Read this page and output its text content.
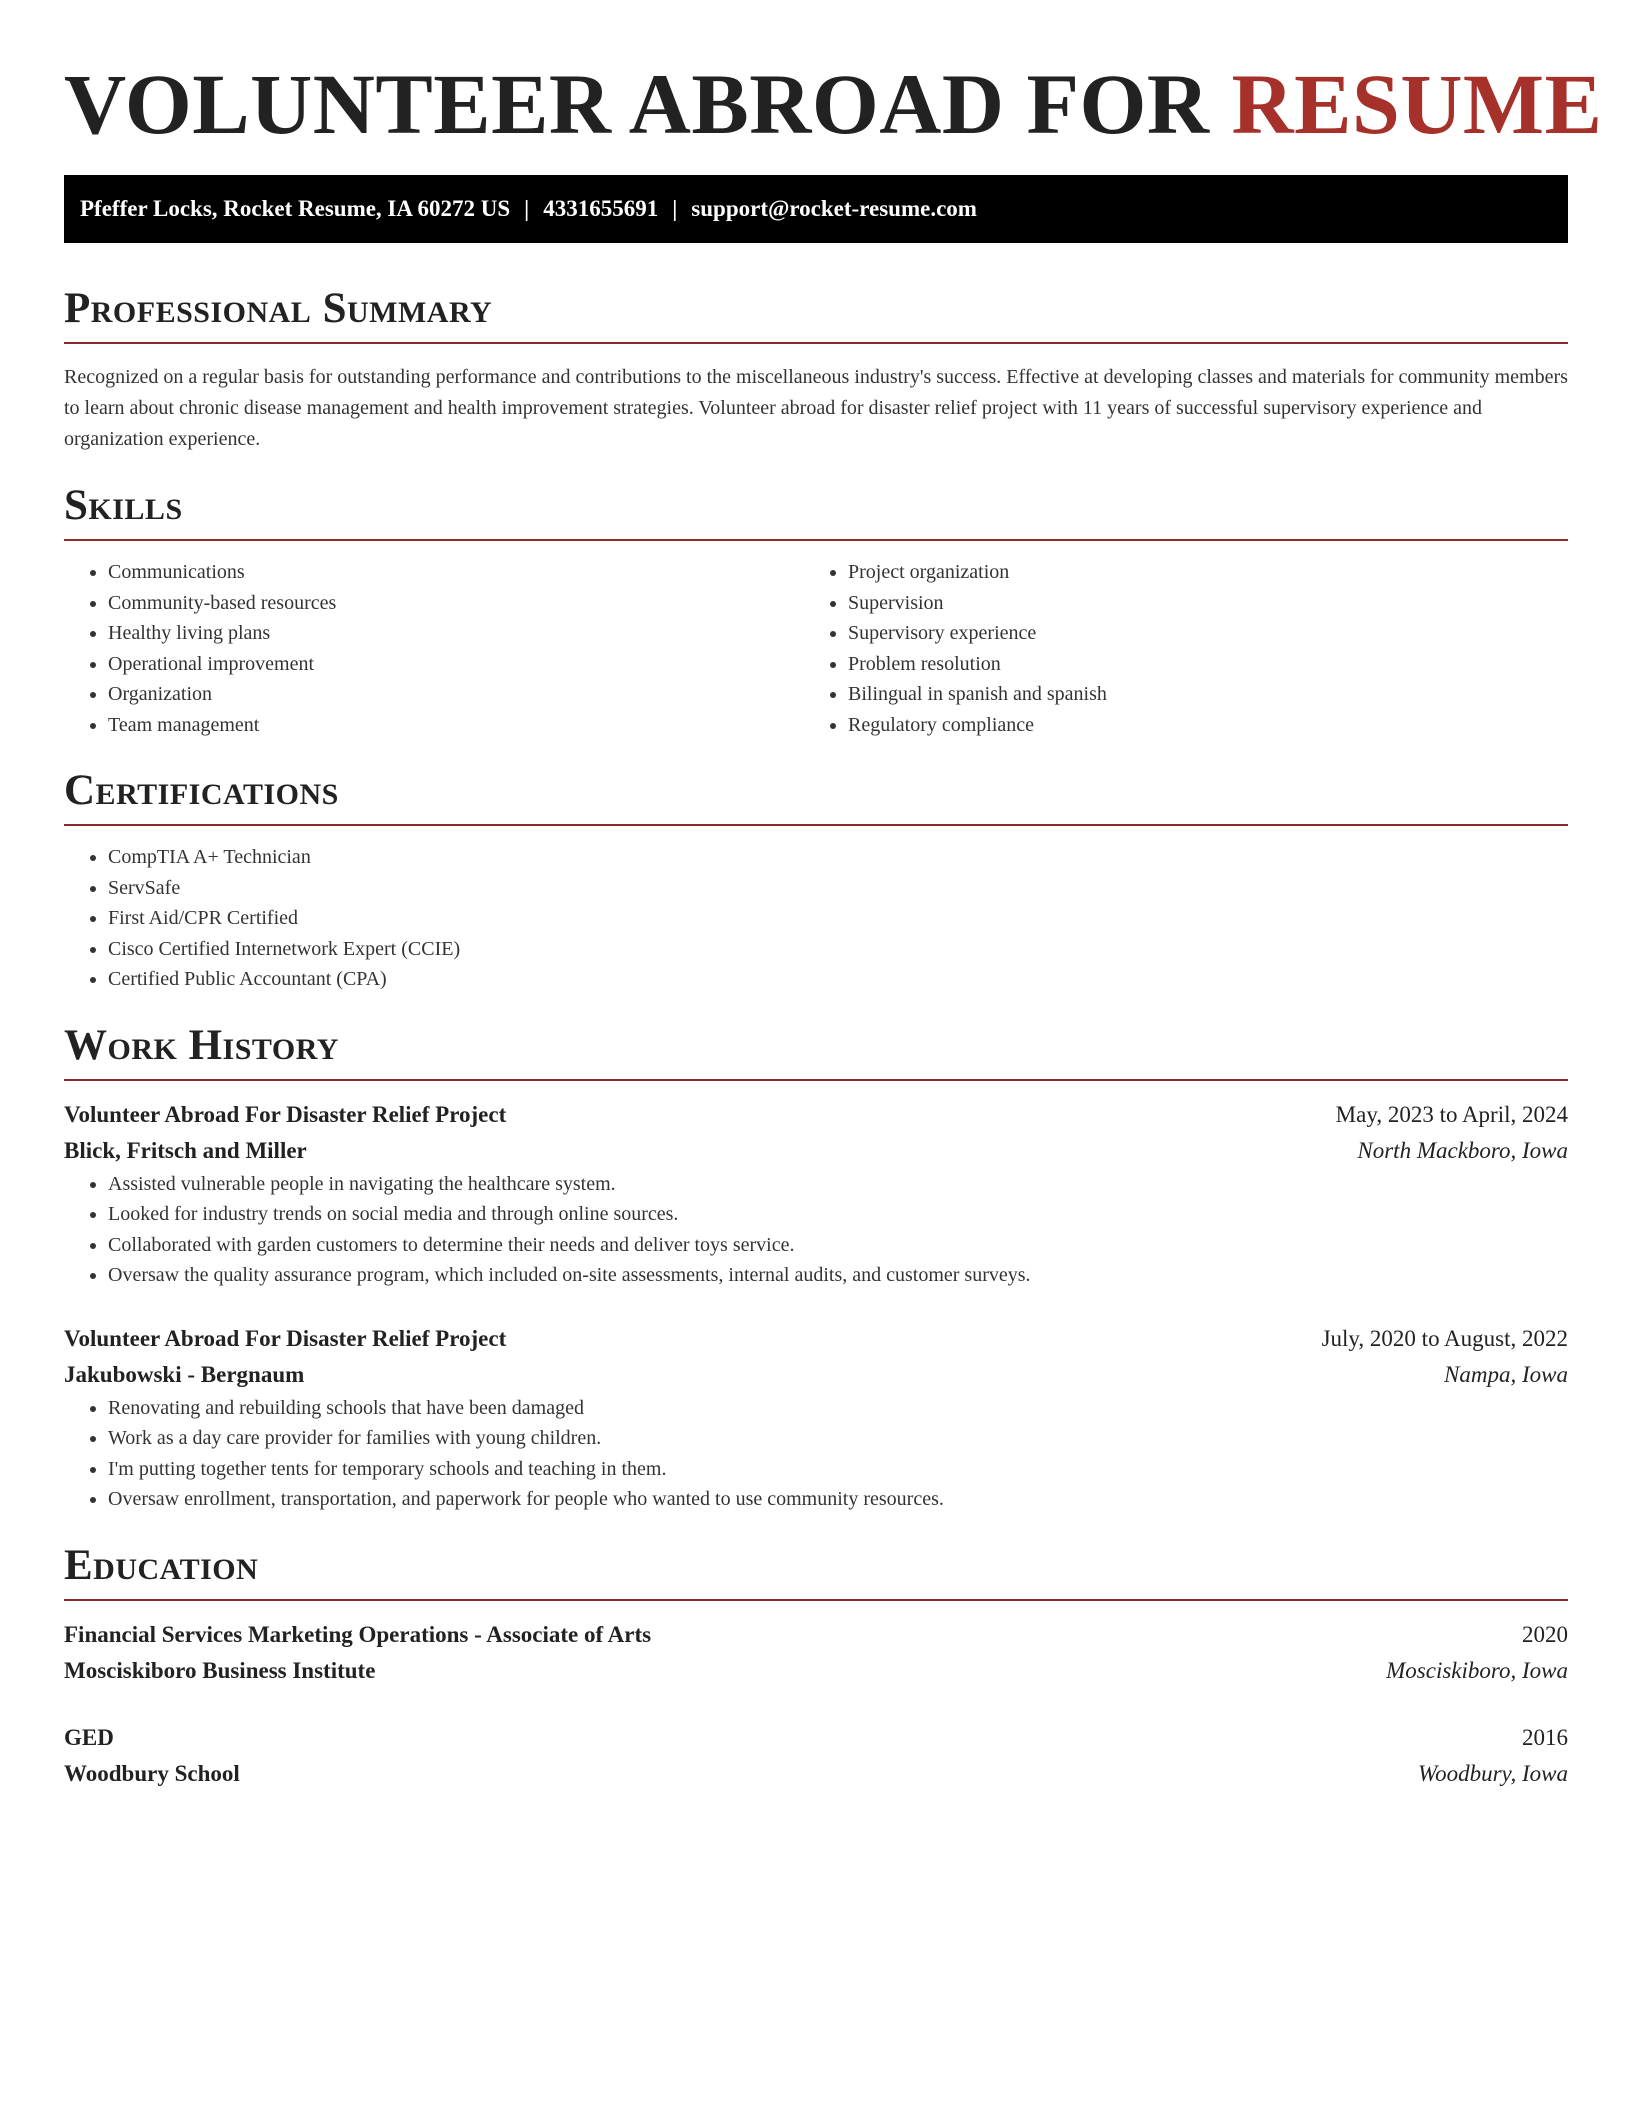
VOLUNTEER ABROAD FOR RESUME
Pfeffer Locks, Rocket Resume, IA 60272 US | 4331655691 | support@rocket-resume.com
Professional Summary

Recognized on a regular basis for outstanding performance and contributions to the miscellaneous industry's success. Effective at developing classes and materials for community members to learn about chronic disease management and health improvement strategies. Volunteer abroad for disaster relief project with 11 years of successful supervisory experience and organization experience.

Skills
• Communications
• Community-based resources
• Healthy living plans
• Operational improvement
• Organization
• Team management
• Project organization
• Supervision
• Supervisory experience
• Problem resolution
• Bilingual in spanish and spanish
• Regulatory compliance
Certifications
• CompTIA A+ Technician
• ServSafe
• First Aid/CPR Certified
• Cisco Certified Internetwork Expert (CCIE)
• Certified Public Accountant (CPA)
Work History
Volunteer Abroad For Disaster Relief Project	May, 2023 to April, 2024
Blick, Fritsch and Miller	North Mackboro, Iowa
• Assisted vulnerable people in navigating the healthcare system.
• Looked for industry trends on social media and through online sources.
• Collaborated with garden customers to determine their needs and deliver toys service.
• Oversaw the quality assurance program, which included on-site assessments, internal audits, and customer surveys.
Volunteer Abroad For Disaster Relief Project	July, 2020 to August, 2022
Jakubowski - Bergnaum	Nampa, Iowa
• Renovating and rebuilding schools that have been damaged
• Work as a day care provider for families with young children.
• I'm putting together tents for temporary schools and teaching in them.
• Oversaw enrollment, transportation, and paperwork for people who wanted to use community resources.
Education
Financial Services Marketing Operations - Associate of Arts	2020
Mosciskiboro Business Institute	Mosciskiboro, Iowa
GED	2016
Woodbury School	Woodbury, Iowa
